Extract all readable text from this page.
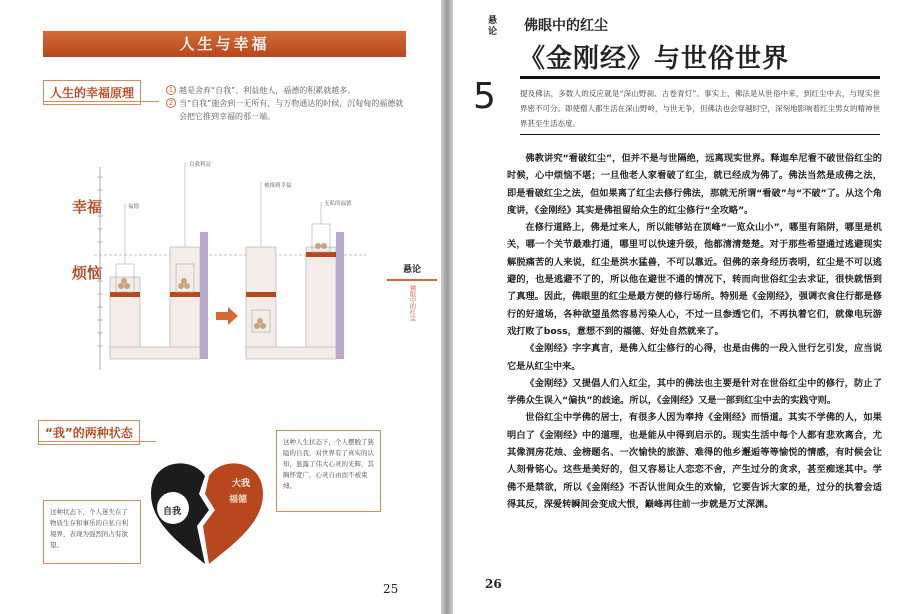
人生与幸福
人生的幸福原理	1 越是舍弃“自我”、利益他人，福德的积累就越多。
2 当“自我”施舍到一无所有，与万物通达的时候，沉甸甸的福德就会把它推到幸福的那一端。
幸福
烦恼
福德
自我利益
被推到幸福
无私的福德
悬论
佛眼中的红尘
“我”的两种状态
这种人生状态下，个人摆脱了狭隘的自我，对世界有了真实的认知，显露了伟大心灵的光辉，其胸怀宽广，心灵自由而不被束缚。
小我
自我
大我
福德
这种状态下，个人迷失在了物质生存和事乐的自私自利境界，表现为强烈的占有欲望。
25
悬论
5
佛眼中的红尘
《金刚经》与世俗世界
提及佛法，多数人的反应就是“深山野刹、古卷青灯”。事实上，佛法是从世俗中来，到红尘中去，与现实世界密不可分。即使僧人都生活在深山野岭，与世无争，但佛法也会穿越时空，深刻地影响着红尘男女的精神世界甚至生活态度。

佛教讲究“看破红尘”，但并不是与世隔绝，远离现实世界。释迦牟尼看不破世俗红尘的时候，心中烦恼不堪；一旦他老人家看破了红尘，就已经成为佛了。佛法当然是成佛之法，即是看破红尘之法，但如果离了红尘去修行佛法，那就无所谓“看破”与“不破”了。从这个角度讲，《金刚经》其实是佛祖留给众生的红尘修行“全攻略”。

在修行道路上，佛是过来人，所以能够站在顶峰“一览众山小”，哪里有陷阱，哪里是机关，哪一个关节最难打通，哪里可以快速升级，他都清清楚楚。对于那些希望通过逃避现实解脱痛苦的人来说，红尘是洪水猛兽，不可以靠近。但佛的亲身经历表明，红尘是不可以逃避的，也是逃避不了的，所以他在避世不通的情况下，转而向世俗红尘去求证，很快就悟到了真理。因此，佛眼里的红尘是最方便的修行场所。特别是《金刚经》，强调衣食住行都是修行的好道场，各种欲望虽然容易污染人心，不过一旦参透它们，不再执着它们，就像电玩游戏打败了boss，意想不到的福德、好处自然就来了。

《金刚经》字字真言，是佛入红尘修行的心得，也是由佛的一段入世行乞引发，应当说它是从红尘中来。

《金刚经》又提倡人们入红尘，其中的佛法也主要是针对在世俗红尘中的修行，防止了学佛众生误入“偏执”的歧途。所以，《金刚经》又是一部到红尘中去的实践守则。

世俗红尘中学佛的居士，有很多人因为奉持《金刚经》而悟道。其实不学佛的人，如果明白了《金刚经》中的道理，也是能从中得到启示的。现实生活中每个人都有悲欢离合，尤其像洞房花烛、金榜题名、一次愉快的旅游、难得的他乡邂逅等等愉悦的情感，有时候会让人刻骨铭心。这些是美好的，但又容易让人恋恋不舍，产生过分的贪求，甚至痴迷其中。学佛不是禁欲，所以《金刚经》不否认世间众生的欢愉，它要告诉大家的是，过分的执着会适得其反，深爱转瞬间会变成大恨，巅峰再往前一步就是万丈深渊。

26
